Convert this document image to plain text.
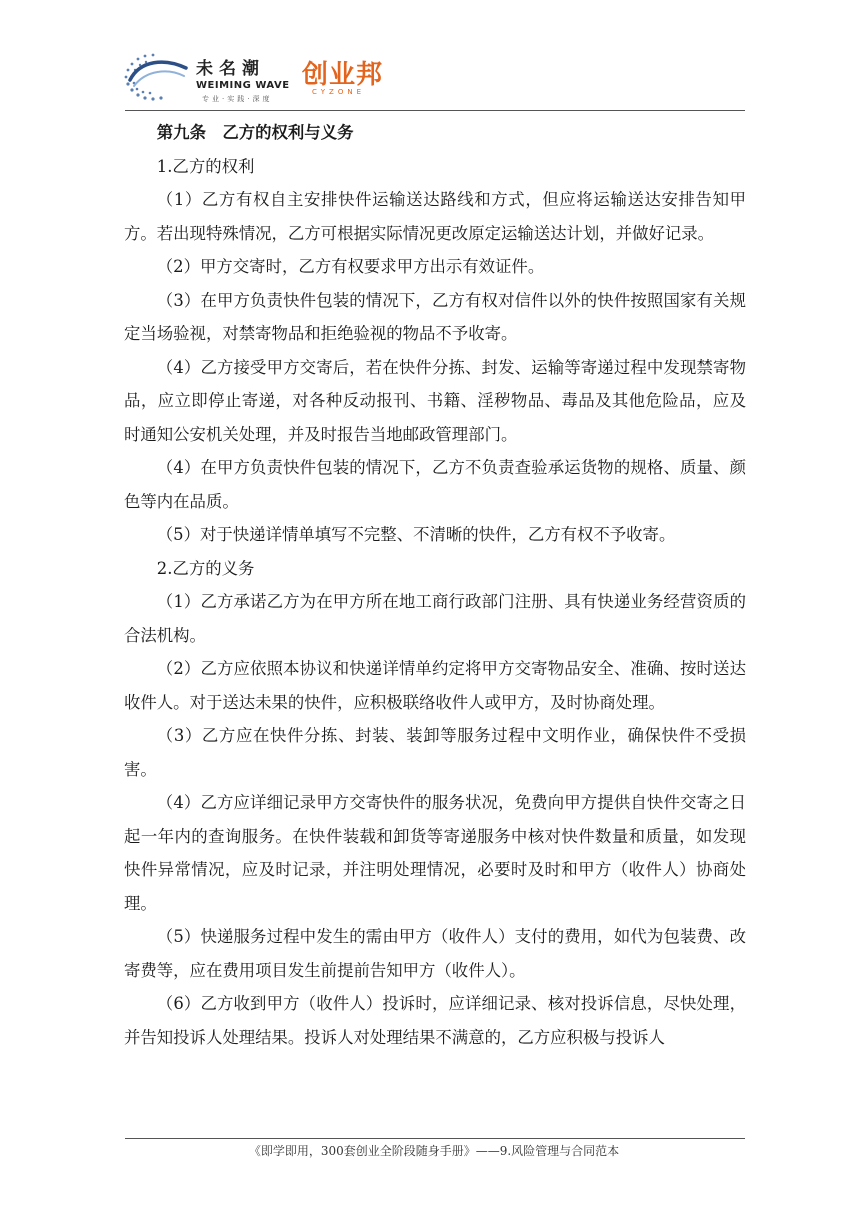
未名潮
WEIMING WAVE
专业·实践·深度
创业邦
CYZONE
第九条　乙方的权利与义务

1.乙方的权利

（1）乙方有权自主安排快件运输送达路线和方式，但应将运输送达安排告知甲方。若出现特殊情况，乙方可根据实际情况更改原定运输送达计划，并做好记录。

（2）甲方交寄时，乙方有权要求甲方出示有效证件。

（3）在甲方负责快件包装的情况下，乙方有权对信件以外的快件按照国家有关规定当场验视，对禁寄物品和拒绝验视的物品不予收寄。

（4）乙方接受甲方交寄后，若在快件分拣、封发、运输等寄递过程中发现禁寄物品，应立即停止寄递，对各种反动报刊、书籍、淫秽物品、毒品及其他危险品，应及时通知公安机关处理，并及时报告当地邮政管理部门。

（4）在甲方负责快件包装的情况下，乙方不负责查验承运货物的规格、质量、颜色等内在品质。

（5）对于快递详情单填写不完整、不清晰的快件，乙方有权不予收寄。

2.乙方的义务

（1）乙方承诺乙方为在甲方所在地工商行政部门注册、具有快递业务经营资质的合法机构。

（2）乙方应依照本协议和快递详情单约定将甲方交寄物品安全、准确、按时送达收件人。对于送达未果的快件，应积极联络收件人或甲方，及时协商处理。

（3）乙方应在快件分拣、封装、装卸等服务过程中文明作业，确保快件不受损害。

（4）乙方应详细记录甲方交寄快件的服务状况，免费向甲方提供自快件交寄之日起一年内的查询服务。在快件装载和卸货等寄递服务中核对快件数量和质量，如发现快件异常情况，应及时记录，并注明处理情况，必要时及时和甲方（收件人）协商处理。

（5）快递服务过程中发生的需由甲方（收件人）支付的费用，如代为包装费、改寄费等，应在费用项目发生前提前告知甲方（收件人）。

（6）乙方收到甲方（收件人）投诉时，应详细记录、核对投诉信息，尽快处理，并告知投诉人处理结果。投诉人对处理结果不满意的，乙方应积极与投诉人

《即学即用，300套创业全阶段随身手册》——9.风险管理与合同范本
